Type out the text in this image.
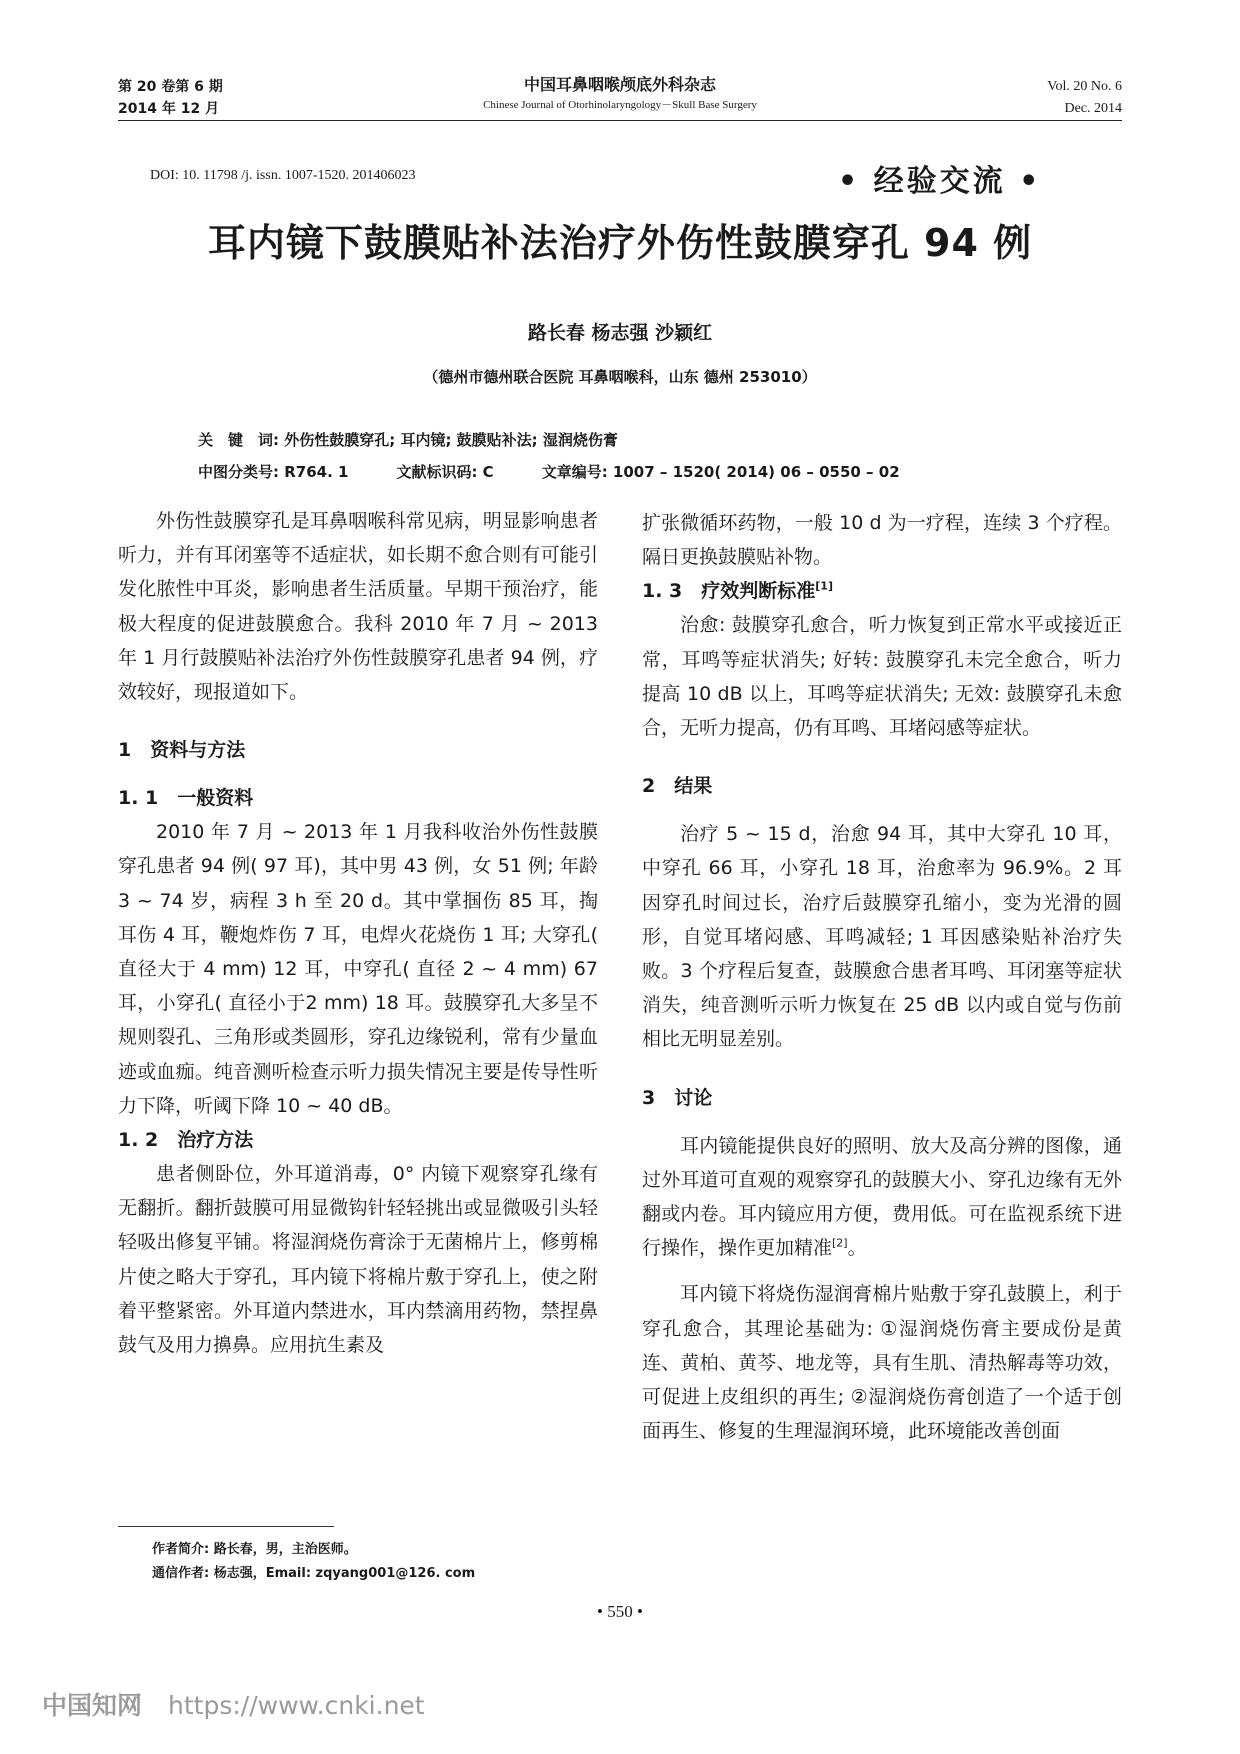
第 20 卷第 6 期
2014 年 12 月
中国耳鼻咽喉颅底外科杂志
Chinese Journal of Otorhinolaryngology－Skull Base Surgery
Vol. 20 No. 6
Dec. 2014
DOI: 10. 11798 /j. issn. 1007-1520. 201406023	• 经验交流 •
耳内镜下鼓膜贴补法治疗外伤性鼓膜穿孔 94 例
路长春 杨志强 沙颖红
（德州市德州联合医院 耳鼻咽喉科，山东 德州 253010）
关　键　词: 外伤性鼓膜穿孔; 耳内镜; 鼓膜贴补法; 湿润烧伤膏
中图分类号: R764. 1	文献标识码: C	文章编号: 1007 – 1520( 2014) 06 – 0550 – 02

外伤性鼓膜穿孔是耳鼻咽喉科常见病，明显影响患者听力，并有耳闭塞等不适症状，如长期不愈合则有可能引发化脓性中耳炎，影响患者生活质量。早期干预治疗，能极大程度的促进鼓膜愈合。我科 2010 年 7 月 ~ 2013 年 1 月行鼓膜贴补法治疗外伤性鼓膜穿孔患者 94 例，疗效较好，现报道如下。

1　资料与方法
1. 1　一般资料

2010 年 7 月 ~ 2013 年 1 月我科收治外伤性鼓膜穿孔患者 94 例( 97 耳)，其中男 43 例，女 51 例; 年龄 3 ~ 74 岁，病程 3 h 至 20 d。其中掌掴伤 85 耳，掏耳伤 4 耳，鞭炮炸伤 7 耳，电焊火花烧伤 1 耳; 大穿孔( 直径大于 4 mm) 12 耳，中穿孔( 直径 2 ~ 4 mm) 67 耳，小穿孔( 直径小于2 mm) 18 耳。鼓膜穿孔大多呈不规则裂孔、三角形或类圆形，穿孔边缘锐利，常有少量血迹或血痂。纯音测听检查示听力损失情况主要是传导性听力下降，听阈下降 10 ~ 40 dB。

1. 2　治疗方法

患者侧卧位，外耳道消毒，0° 内镜下观察穿孔缘有无翻折。翻折鼓膜可用显微钩针轻轻挑出或显微吸引头轻轻吸出修复平铺。将湿润烧伤膏涂于无菌棉片上，修剪棉片使之略大于穿孔，耳内镜下将棉片敷于穿孔上，使之附着平整紧密。外耳道内禁进水，耳内禁滴用药物，禁捏鼻鼓气及用力擤鼻。应用抗生素及

扩张微循环药物，一般 10 d 为一疗程，连续 3 个疗程。隔日更换鼓膜贴补物。

1. 3　疗效判断标准[1]

治愈: 鼓膜穿孔愈合，听力恢复到正常水平或接近正常，耳鸣等症状消失; 好转: 鼓膜穿孔未完全愈合，听力提高 10 dB 以上，耳鸣等症状消失; 无效: 鼓膜穿孔未愈合，无听力提高，仍有耳鸣、耳堵闷感等症状。

2　结果

治疗 5 ~ 15 d，治愈 94 耳，其中大穿孔 10 耳，中穿孔 66 耳，小穿孔 18 耳，治愈率为 96.9%。2 耳因穿孔时间过长，治疗后鼓膜穿孔缩小，变为光滑的圆形，自觉耳堵闷感、耳鸣减轻; 1 耳因感染贴补治疗失败。3 个疗程后复查，鼓膜愈合患者耳鸣、耳闭塞等症状消失，纯音测听示听力恢复在 25 dB 以内或自觉与伤前相比无明显差别。

3　讨论

耳内镜能提供良好的照明、放大及高分辨的图像，通过外耳道可直观的观察穿孔的鼓膜大小、穿孔边缘有无外翻或内卷。耳内镜应用方便，费用低。可在监视系统下进行操作，操作更加精准[2]。

耳内镜下将烧伤湿润膏棉片贴敷于穿孔鼓膜上，利于穿孔愈合，其理论基础为: ①湿润烧伤膏主要成份是黄连、黄柏、黄芩、地龙等，具有生肌、清热解毒等功效，可促进上皮组织的再生; ②湿润烧伤膏创造了一个适于创面再生、修复的生理湿润环境，此环境能改善创面

作者简介: 路长春，男，主治医师。
通信作者: 杨志强，Email: zqyang001@126. com
• 550 •
中国知网 https://www.cnki.net
